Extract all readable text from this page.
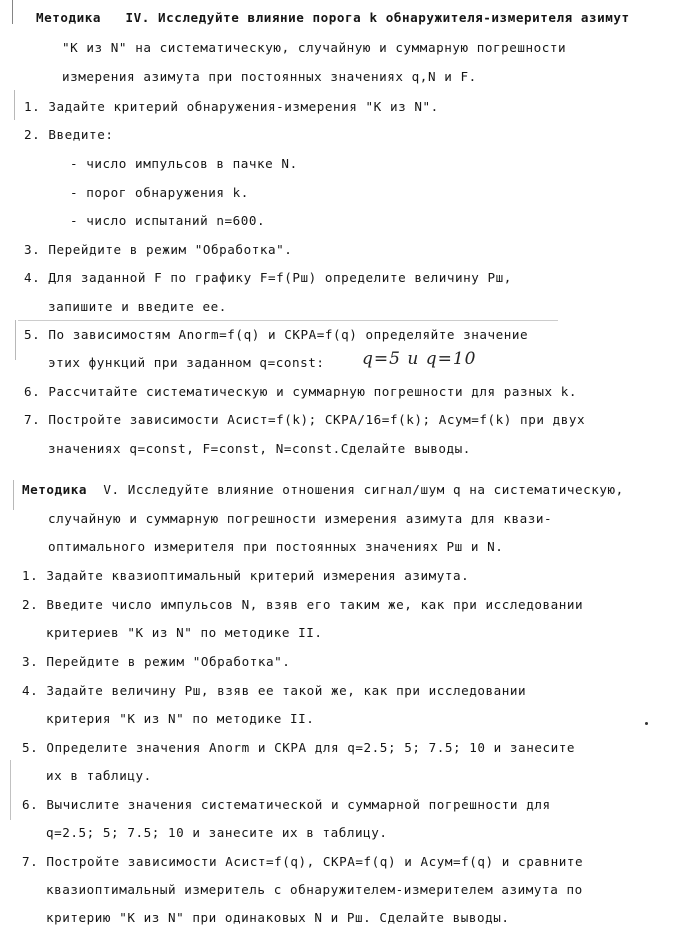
Методика IV. Исследуйте влияние порога k обнаружителя-измерителя азимут
"К из N" на систематическую, случайную и суммарную погрешности
измерения азимута при постоянных значениях q,N и F.
1. Задайте критерий обнаружения-измерения "К из N".
2. Введите:
- число импульсов в пачке N.
- порог обнаружения k.
- число испытаний n=600.
3. Перейдите в режим "Обработка".
4. Для заданной F по графику F=f(Рш) определите величину Рш,
запишите и введите ее.
5. По зависимостям Anorm=f(q) и СКРА=f(q) определяйте значение
этих функций при заданном q=const: q=5 и q=10
6. Рассчитайте систематическую и суммарную погрешности для разных k.
7. Постройте зависимости Асист=f(k); СКРА/16=f(k); Асум=f(k) при двух
значениях q=const, F=const, N=const.Сделайте выводы.
Методика V. Исследуйте влияние отношения сигнал/шум q на систематическую,
случайную и суммарную погрешности измерения азимута для квази-
оптимального измерителя при постоянных значениях Рш и N.
1. Задайте квазиоптимальный критерий измерения азимута.
2. Введите число импульсов N, взяв его таким же, как при исследовании
критериев "К из N" по методике II.
3. Перейдите в режим "Обработка".
4. Задайте величину Рш, взяв ее такой же, как при исследовании
критерия "К из N" по методике II.
5. Определите значения Anorm и СКРА для q=2.5; 5; 7.5; 10 и занесите
их в таблицу.
6. Вычислите значения систематической и суммарной погрешности для
q=2.5; 5; 7.5; 10 и занесите их в таблицу.
7. Постройте зависимости Асист=f(q), СКРА=f(q) и Асум=f(q) и сравните
квазиоптимальный измеритель с обнаружителем-измерителем азимута по
критерию "К из N" при одинаковых N и Рш. Сделайте выводы.
